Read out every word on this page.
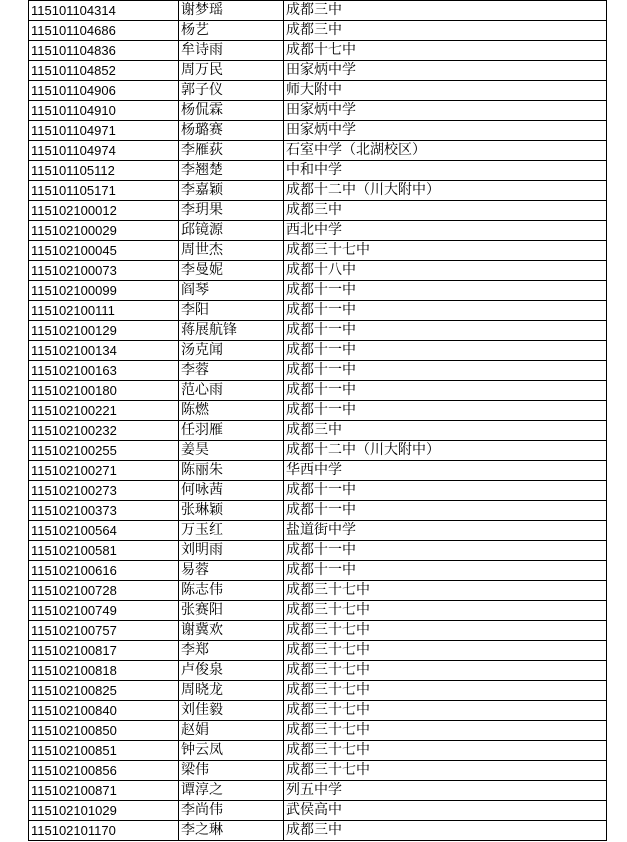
115101104314	谢梦瑶	成都三中
115101104686	杨艺	成都三中
115101104836	牟诗雨	成都十七中
115101104852	周万民	田家炳中学
115101104906	郭子仪	师大附中
115101104910	杨侃霖	田家炳中学
115101104971	杨璐赛	田家炳中学
115101104974	李雁荻	石室中学（北湖校区）
115101105112	李翘楚	中和中学
115101105171	李嘉颖	成都十二中（川大附中）
115102100012	李玥果	成都三中
115102100029	邱镜源	西北中学
115102100045	周世杰	成都三十七中
115102100073	李曼妮	成都十八中
115102100099	阎琴	成都十一中
115102100111	李阳	成都十一中
115102100129	蒋展航锋	成都十一中
115102100134	汤克闻	成都十一中
115102100163	李蓉	成都十一中
115102100180	范心雨	成都十一中
115102100221	陈燃	成都十一中
115102100232	任羽雁	成都三中
115102100255	姜昊	成都十二中（川大附中）
115102100271	陈丽朱	华西中学
115102100273	何咏茜	成都十一中
115102100373	张琳颖	成都十一中
115102100564	万玉红	盐道街中学
115102100581	刘明雨	成都十一中
115102100616	易蓉	成都十一中
115102100728	陈志伟	成都三十七中
115102100749	张赛阳	成都三十七中
115102100757	谢冀欢	成都三十七中
115102100817	李郑	成都三十七中
115102100818	卢俊泉	成都三十七中
115102100825	周晓龙	成都三十七中
115102100840	刘佳毅	成都三十七中
115102100850	赵娟	成都三十七中
115102100851	钟云凤	成都三十七中
115102100856	梁伟	成都三十七中
115102100871	谭淳之	列五中学
115102101029	李尚伟	武侯高中
115102101170	李之琳	成都三中
